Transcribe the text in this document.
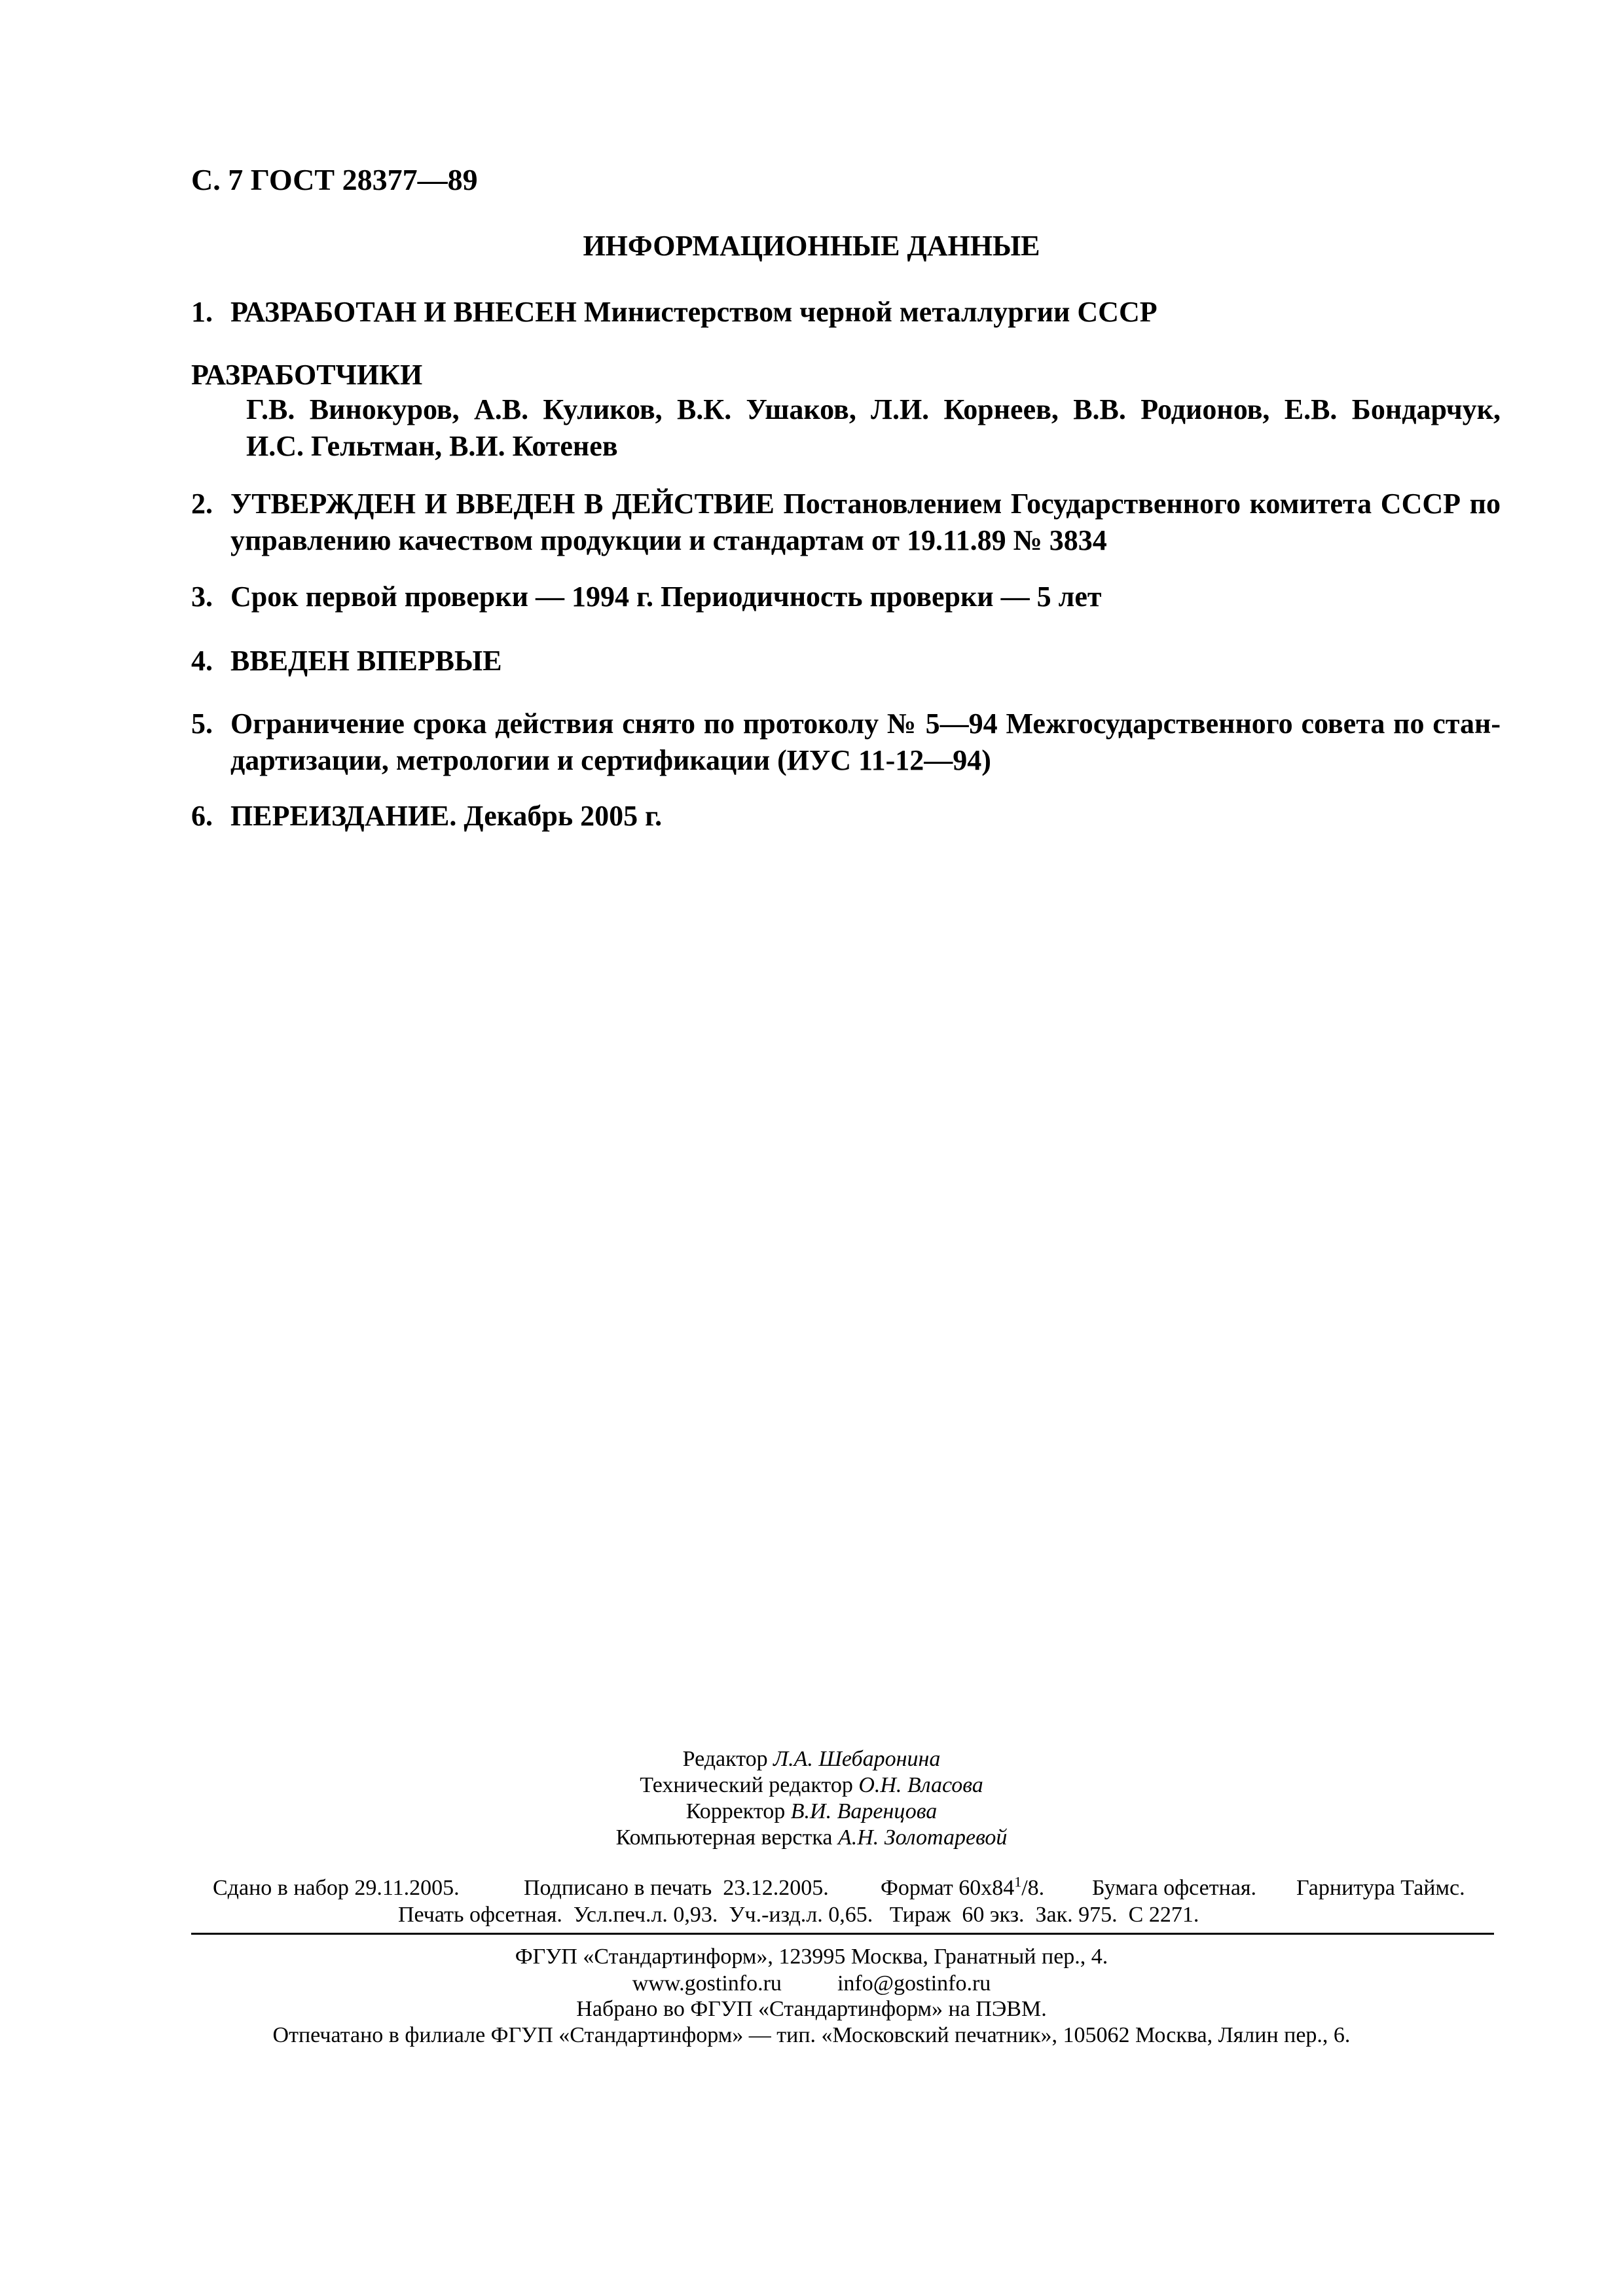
С. 7 ГОСТ 28377—89
ИНФОРМАЦИОННЫЕ ДАННЫЕ
1. РАЗРАБОТАН И ВНЕСЕН Министерством черной металлургии СССР
РАЗРАБОТЧИКИ
Г.В. Винокуров, А.В. Куликов, В.К. Ушаков, Л.И. Корнеев, В.В. Родионов, Е.В. Бондарчук,
И.С. Гельтман, В.И. Котенев
2. УТВЕРЖДЕН И ВВЕДЕН В ДЕЙСТВИЕ Постановлением Государственного комитета СССР по
управлению качеством продукции и стандартам от 19.11.89 № 3834
3. Срок первой проверки — 1994 г. Периодичность проверки — 5 лет
4. ВВЕДЕН ВПЕРВЫЕ
5. Ограничение срока действия снято по протоколу № 5—94 Межгосударственного совета по стан-
дартизации, метрологии и сертификации (ИУС 11-12—94)
6. ПЕРЕИЗДАНИЕ. Декабрь 2005 г.
Редактор Л.А. Шебаронина
Технический редактор О.Н. Власова
Корректор В.И. Варенцова
Компьютерная верстка А.Н. Золотаревой
Сдано в набор 29.11.2005.	Подписано в печать  23.12.2005. Формат $60х84^1/8$. Бумага офсетная. Гарнитура Таймс.
Печать офсетная.  Усл.печ.л. 0,93.  Уч.-изд.л. 0,65.   Тираж  60 экз.  Зак. 975.  С 2271.
ФГУП «Стандартинформ», 123995 Москва, Гранатный пер., 4.
www.gostinfo.ru	info@gostinfo.ru
Набрано во ФГУП «Стандартинформ» на ПЭВМ.
Отпечатано в филиале ФГУП «Стандартинформ» — тип. «Московский печатник», 105062 Москва, Лялин пер., 6.
